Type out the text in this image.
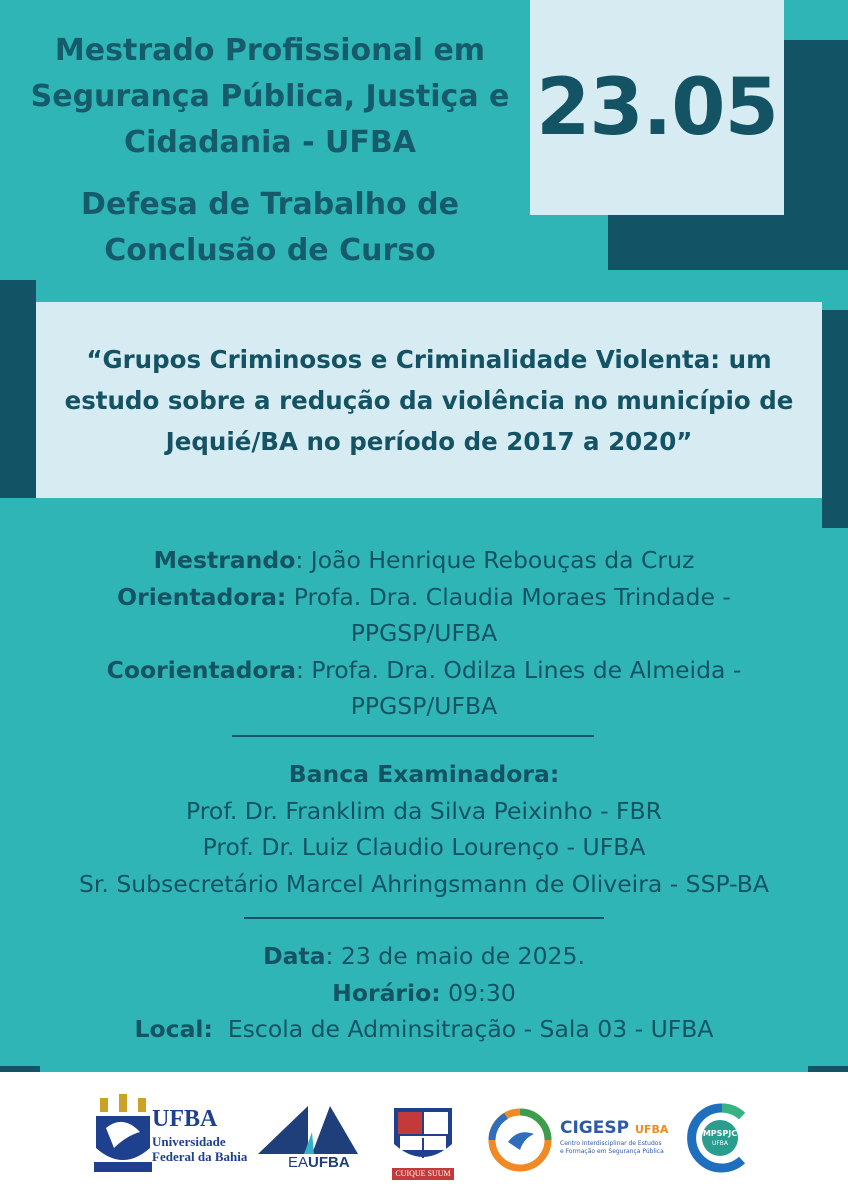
23.05
Mestrado Profissional em Segurança Pública, Justiça e Cidadania - UFBA
Defesa de Trabalho de Conclusão de Curso
“Grupos Criminosos e Criminalidade Violenta: um estudo sobre a redução da violência no município de Jequié/BA no período de 2017 a 2020”
Mestrando: João Henrique Rebouças da Cruz
Orientadora: Profa. Dra. Claudia Moraes Trindade - PPGSP/UFBA
Coorientadora: Profa. Dra. Odilza Lines de Almeida - PPGSP/UFBA
Banca Examinadora:
Prof. Dr. Franklim da Silva Peixinho - FBR
Prof. Dr. Luiz Claudio Lourenço - UFBA
Sr. Subsecretário Marcel Ahringsmann de Oliveira - SSP-BA
Data: 23 de maio de 2025.
Horário: 09:30
Local:  Escola de Adminsitração - Sala 03 - UFBA
UFBA
Universidade
Federal da Bahia	EAUFBA
CUIQUE SUUM
CIGESP UFBA
Centro Interdisciplinar de Estudos
e Formação em Segurança Pública
MPSPJC
UFBA
